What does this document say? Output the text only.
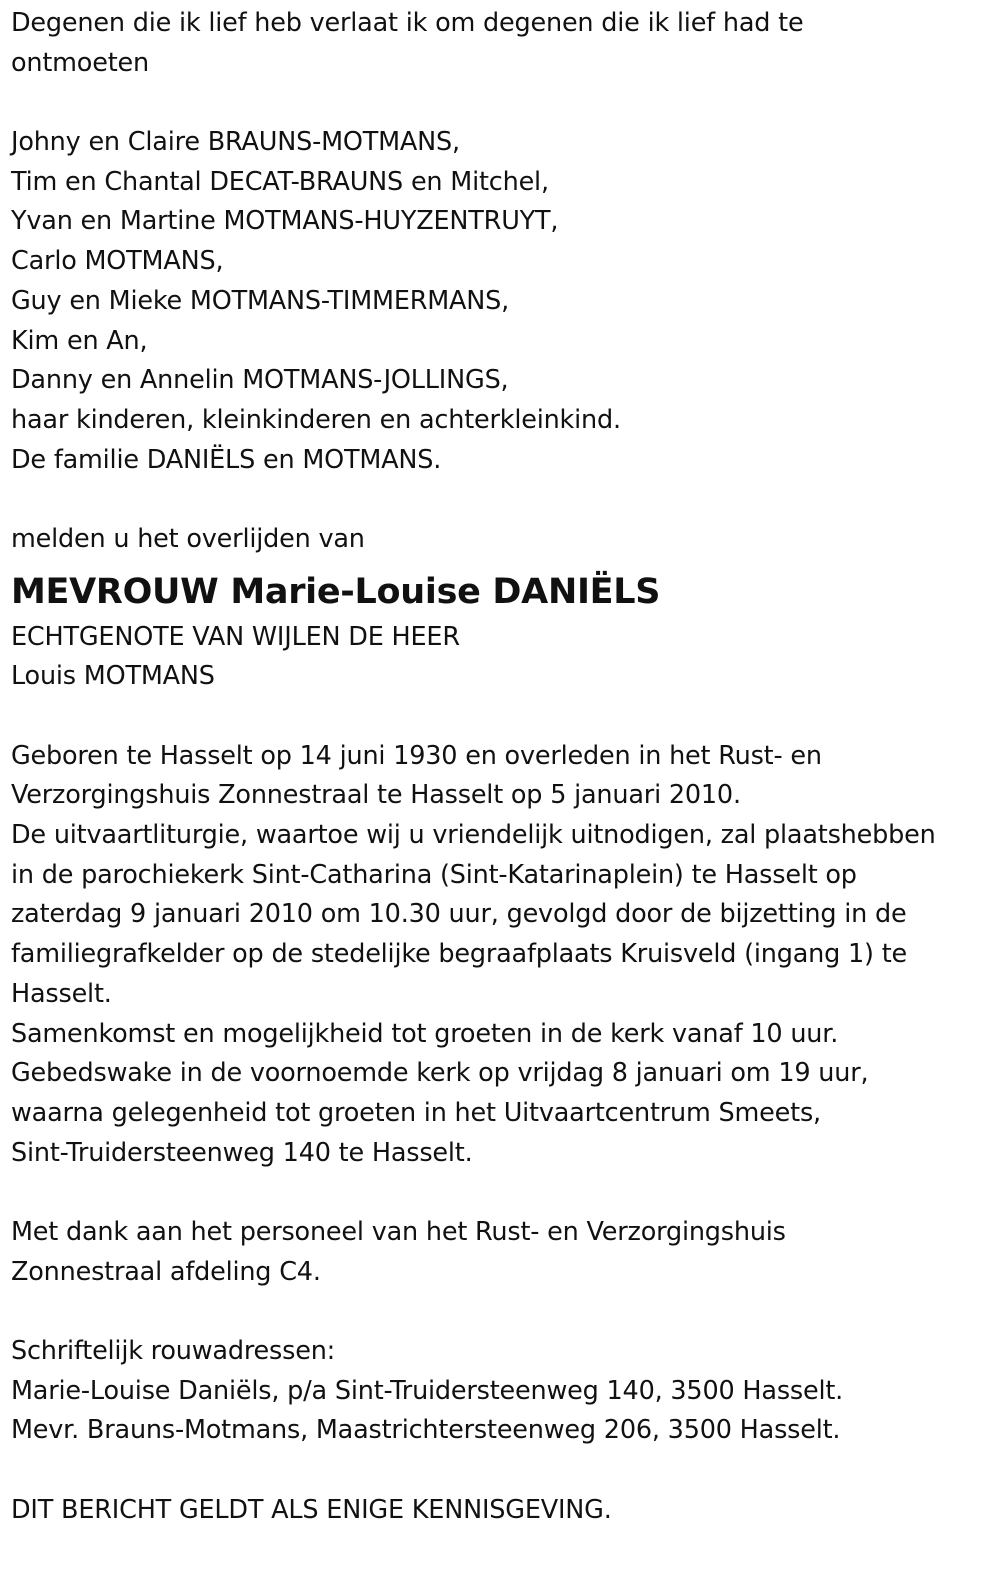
Degenen die ik lief heb verlaat ik om degenen die ik lief had te
ontmoeten
Johny en Claire BRAUNS-MOTMANS,
Tim en Chantal DECAT-BRAUNS en Mitchel,
Yvan en Martine MOTMANS-HUYZENTRUYT,
Carlo MOTMANS,
Guy en Mieke MOTMANS-TIMMERMANS,
Kim en An,
Danny en Annelin MOTMANS-JOLLINGS,
haar kinderen, kleinkinderen en achterkleinkind.
De familie DANIËLS en MOTMANS.
melden u het overlijden van
MEVROUW Marie-Louise DANIËLS
ECHTGENOTE VAN WIJLEN DE HEER
Louis MOTMANS
Geboren te Hasselt op 14 juni 1930 en overleden in het Rust- en
Verzorgingshuis Zonnestraal te Hasselt op 5 januari 2010.
De uitvaartliturgie, waartoe wij u vriendelijk uitnodigen, zal plaatshebben
in de parochiekerk Sint-Catharina (Sint-Katarinaplein) te Hasselt op
zaterdag 9 januari 2010 om 10.30 uur, gevolgd door de bijzetting in de
familiegrafkelder op de stedelijke begraafplaats Kruisveld (ingang 1) te
Hasselt.
Samenkomst en mogelijkheid tot groeten in de kerk vanaf 10 uur.
Gebedswake in de voornoemde kerk op vrijdag 8 januari om 19 uur,
waarna gelegenheid tot groeten in het Uitvaartcentrum Smeets,
Sint-Truidersteenweg 140 te Hasselt.
Met dank aan het personeel van het Rust- en Verzorgingshuis
Zonnestraal afdeling C4.
Schriftelijk rouwadressen:
Marie-Louise Daniëls, p/a Sint-Truidersteenweg 140, 3500 Hasselt.
Mevr. Brauns-Motmans, Maastrichtersteenweg 206, 3500 Hasselt.
DIT BERICHT GELDT ALS ENIGE KENNISGEVING.
